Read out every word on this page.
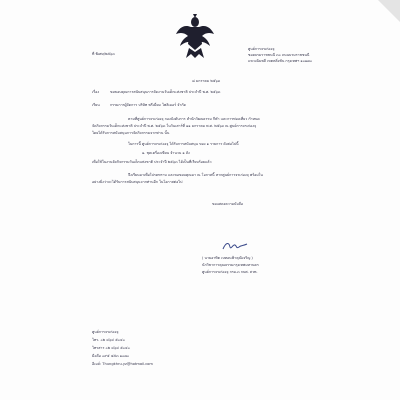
ที่ พิเศษ/๒๕๖๓
ศูนย์การจรเก่องจุ
ซอยบรมราชชนนี ๓๐ ถนนบรมราชชนนี
แขวงฉิมพลี เขตตลิ่งชัน กรุงเทพฯ ๑๐๑๗๐
๘ มกราคม ๒๕๖๓
เรื่อง	ขอขอบคุณการสนับสนุนการจัดงานวันเด็กแห่งชาติ ประจำปี พ.ศ. ๒๕๖๓
เรียน	กรรมการผู้จัดการ บริษัท พรีเมี่ยม โพลิเมอร์ จำกัด
ตามที่ศูนย์การจรเก่องจุ กองบังคับการ สำนักวัฒนธรรม กีฬา และการท่องเที่ยว กำหนด
จัดกิจกรรมวันเด็กแห่งชาติ ประจำปี พ.ศ. ๒๕๖๓ ในวันเสาร์ที่ ๑๑ มกราคม พ.ศ. ๒๕๖๓ ณ ศูนย์การจรเก่องจุ
โดยได้รับการสนับสนุนการจัดกิจกรรมจากท่าน นั้น
ในการนี้ ศูนย์การจรเก่องจุ ได้รับการสนับสนุน ของ ๑ รายการ ดังต่อไปนี้
๑. ชุดเครื่องเขียน จำนวน ๑ ลัง
เพื่อใช้ในงานจัดกิจกรรมวันเด็กแห่งชาติ ประจำปี ๒๕๖๓ ได้เป็นที่เรียบร้อยแล้ว
จึงเรียนมาเพื่อโปรดทราบ และขอขอบคุณมา ณ โอกาสนี้ หากศูนย์การจรเก่องจุ พร้อมใน
อย่างยิ่งว่าจะได้รับการสนับสนุนจากท่านอีก ในโอกาสต่อไป
ขอแสดงความนับถือ
( นายอาทิต เบทอนฟ้าคุณิเจริญ )
นักวิชาการคุณธรรมกรุงเทพมหานคร
ศูนย์การจรเก่องจุ กรม.๓ กบศ. สวท.
ศูนย์การจรเก่องจุ
โทร. ๐๒ ๔๖๔ ๕๐๔๐
โทรสาร ๐๒ ๔๖๔ ๕๐๔๐
มือถือ ๐๙๕ ๔๕๓ ๑๐๗๐
อีเมล์: Thungkhru.yz@hotmail.com
